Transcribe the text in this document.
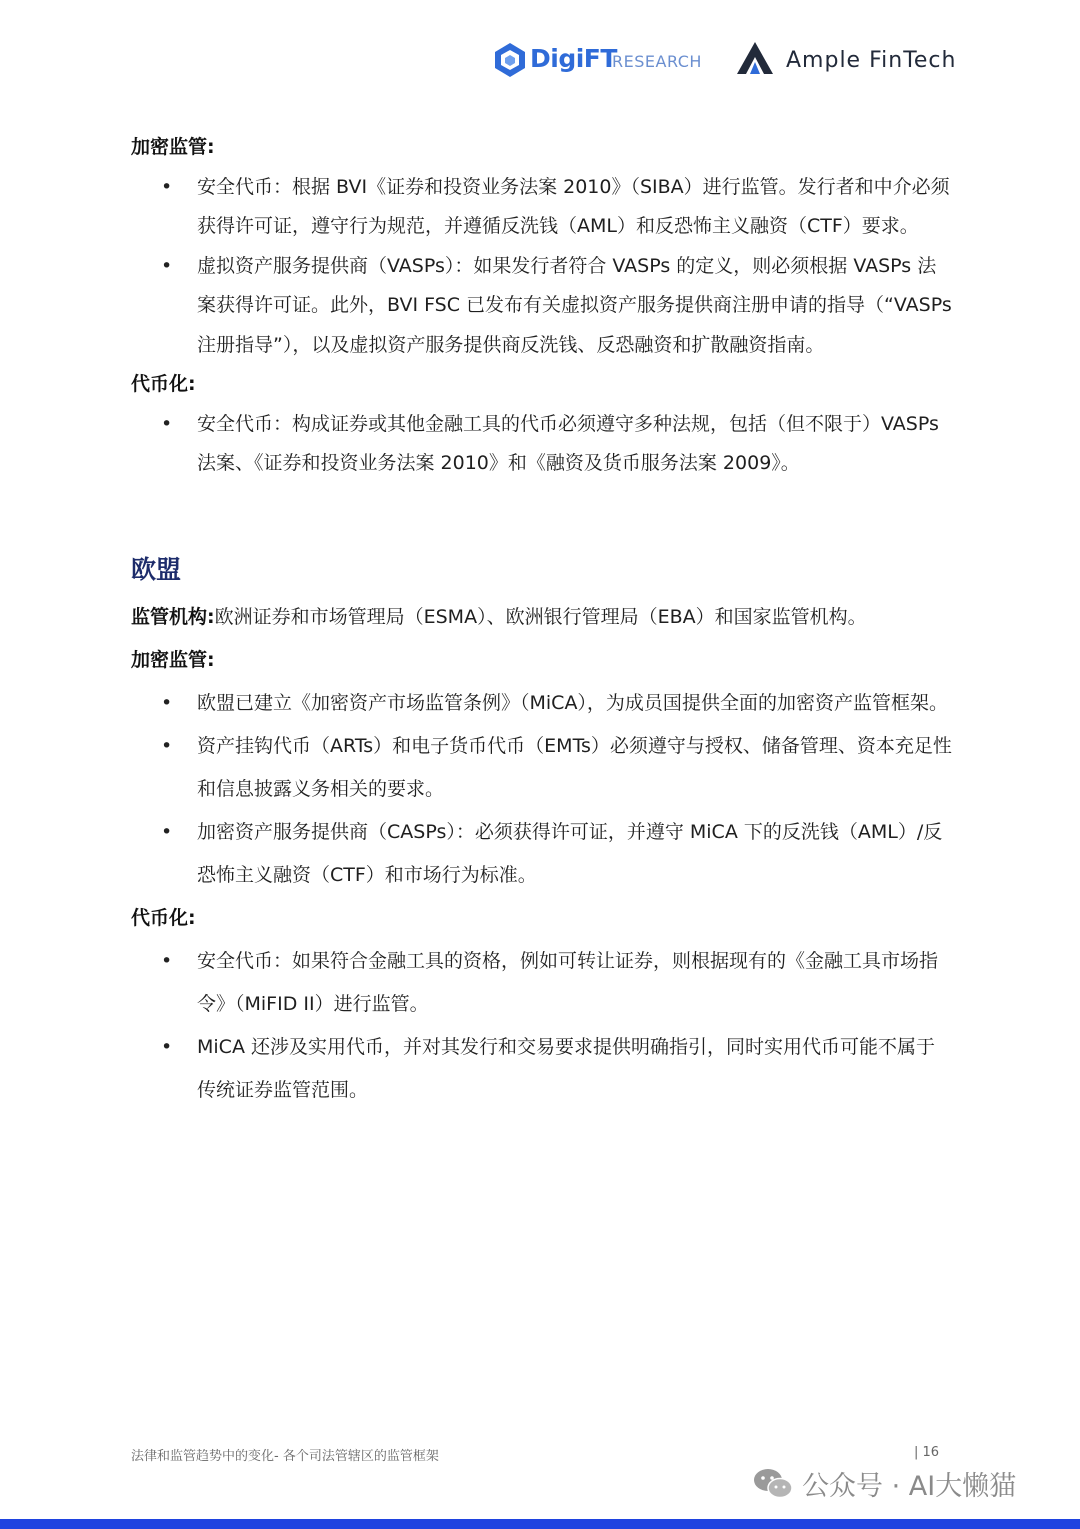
DigiFT
RESEARCH	Ample FinTech
加密监管:
• 安全代币：根据 BVI《证券和投资业务法案 2010》（SIBA）进行监管。发行者和中介必须获得许可证，遵守行为规范，并遵循反洗钱（AML）和反恐怖主义融资（CTF）要求。
• 虚拟资产服务提供商（VASPs）：如果发行者符合 VASPs 的定义，则必须根据 VASPs 法案获得许可证。此外，BVI FSC 已发布有关虚拟资产服务提供商注册申请的指导（“VASPs 注册指导”），以及虚拟资产服务提供商反洗钱、反恐融资和扩散融资指南。
代币化:
• 安全代币：构成证券或其他金融工具的代币必须遵守多种法规，包括（但不限于）VASPs 法案、《证券和投资业务法案 2010》和《融资及货币服务法案 2009》。
欧盟
监管机构:欧洲证券和市场管理局（ESMA）、欧洲银行管理局（EBA）和国家监管机构。
加密监管:
• 欧盟已建立《加密资产市场监管条例》（MiCA），为成员国提供全面的加密资产监管框架。
• 资产挂钩代币（ARTs）和电子货币代币（EMTs）必须遵守与授权、储备管理、资本充足性和信息披露义务相关的要求。
• 加密资产服务提供商（CASPs）：必须获得许可证，并遵守 MiCA 下的反洗钱（AML）/反恐怖主义融资（CTF）和市场行为标准。
代币化:
• 安全代币：如果符合金融工具的资格，例如可转让证券，则根据现有的《金融工具市场指令》（MiFID II）进行监管。
• MiCA 还涉及实用代币，并对其发行和交易要求提供明确指引，同时实用代币可能不属于传统证券监管范围。
法律和监管趋势中的变化- 各个司法管辖区的监管框架	| 16
公众号 · AI大懒猫
